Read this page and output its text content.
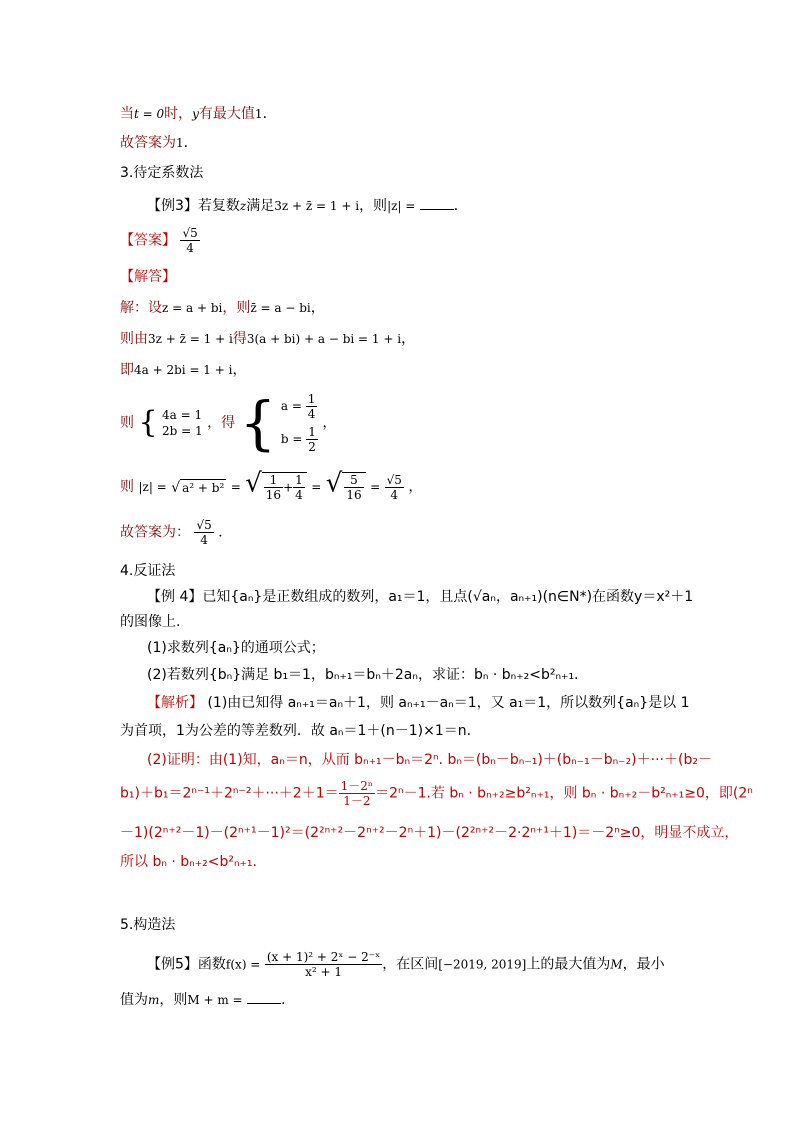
当t = 0时，y有最大值1．
故答案为1．
3.待定系数法
【例3】若复数z满足3z + z̄ = 1 + i，则|z| =	．
【答案】 $\frac{√5}{4}$
【解答】
解：设z = a + bi，则z̄ = a − bi，
则由3z + z̄ = 1 + i得3(a + bi) + a − bi = 1 + i，
即4a + 2bi = 1 + i，
则 { 4a = 1
2b = 1 ，得 { $a = \frac{1}{4}$
$b = \frac{1}{2}$
，
则 |z| = √ a² + b² = √ $\frac{1}{16} + \frac{1}{4}$ = √ $\frac{5}{16} = \frac{√5}{4}$ ，
故答案为： $\frac{√5}{4}$ ．
4.反证法
【例 4】已知{aₙ}是正数组成的数列，a₁＝1，且点(√aₙ，aₙ₊₁)(n∈N*)在函数y＝x²＋1
的图像上.
(1)求数列{aₙ}的通项公式；
(2)若数列{bₙ}满足 b₁＝1，bₙ₊₁＝bₙ＋2aₙ，求证：bₙ · bₙ₊₂<b²ₙ₊₁.
【解析】 (1)由已知得 aₙ₊₁＝aₙ＋1，则 aₙ₊₁－aₙ＝1，又 a₁＝1，所以数列{aₙ}是以 1
为首项，1为公差的等差数列．故 aₙ＝1＋(n－1)×1＝n.
(2)证明：由(1)知，aₙ＝n，从而 bₙ₊₁－bₙ＝2ⁿ. bₙ＝(bₙ－bₙ₋₁)＋(bₙ₋₁－bₙ₋₂)＋···＋(b₂－
$b_1)+b_1=2^{n-1}+2^{n-2}+\cdot\cdot\cdot+2+1= \frac{\text{1－2ⁿ}}{1-2} =2^n-1$.若 bₙ · bₙ₊₂≥b²ₙ₊₁，则 bₙ · bₙ₊₂－b²ₙ₊₁≥0，即(2ⁿ
－1)(2ⁿ⁺²－1)－(2ⁿ⁺¹－1)²＝(2²ⁿ⁺²－2ⁿ⁺²－2ⁿ＋1)－(2²ⁿ⁺²－2·2ⁿ⁺¹＋1)＝－2ⁿ≥0，明显不成立，
所以 bₙ · bₙ₊₂<b²ₙ₊₁.
5.构造法
【例5】函数$f(x) = \frac{\text{(x + 1)² + 2ˣ − 2⁻ˣ}}{\text{x² + 1}}$ ，在区间[−2019, 2019]上的最大值为M，最小
值为m，则M + m =	．
